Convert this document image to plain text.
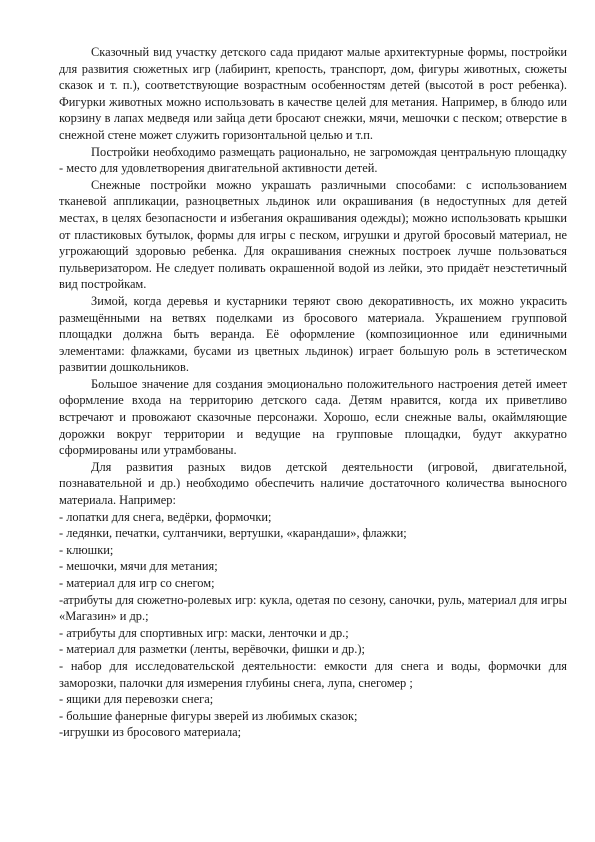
Сказочный вид участку детского сада придают малые архитектурные формы, постройки для развития сюжетных игр (лабиринт, крепость, транспорт, дом, фигуры животных, сюжеты сказок и т. п.), соответствующие возрастным особенностям детей (высотой в рост ребенка). Фигурки животных можно использовать в качестве целей для метания. Например, в блюдо или корзину в лапах медведя или зайца дети бросают снежки, мячи, мешочки с песком; отверстие в снежной стене может служить горизонтальной целью и т.п.

Постройки необходимо размещать рационально, не загромождая центральную площадку - место для удовлетворения двигательной активности детей.

Снежные постройки можно украшать различными способами: с использованием тканевой аппликации, разноцветных льдинок или окрашивания (в недоступных для детей местах, в целях безопасности и избегания окрашивания одежды); можно использовать крышки от пластиковых бутылок, формы для игры с песком, игрушки и другой бросовый материал, не угрожающий здоровью ребенка. Для окрашивания снежных построек лучше пользоваться пульверизатором. Не следует поливать окрашенной водой из лейки, это придаёт неэстетичный вид постройкам.

Зимой, когда деревья и кустарники теряют свою декоративность, их можно украсить размещёнными на ветвях поделками из бросового материала. Украшением групповой площадки должна быть веранда. Её оформление (композиционное или единичными элементами: флажками, бусами из цветных льдинок) играет большую роль в эстетическом развитии дошкольников.

Большое значение для создания эмоционально положительного настроения детей имеет оформление входа на территорию детского сада. Детям нравится, когда их приветливо встречают и провожают сказочные персонажи. Хорошо, если снежные валы, окаймляющие дорожки вокруг территории и ведущие на групповые площадки, будут аккуратно сформированы или утрамбованы.

Для развития разных видов детской деятельности (игровой, двигательной, познавательной и др.) необходимо обеспечить наличие достаточного количества выносного материала. Например:

- лопатки для снега, ведёрки, формочки;
- ледянки, печатки, султанчики, вертушки, «карандаши», флажки;
- клюшки;
- мешочки, мячи для метания;
- материал для игр со снегом;
-атрибуты для сюжетно-ролевых игр: кукла, одетая по сезону, саночки, руль, материал для игры «Магазин» и др.;
- атрибуты для спортивных игр: маски, ленточки и др.;
- материал для разметки (ленты, верёвочки, фишки и др.);
- набор для исследовательской деятельности: емкости для снега и воды, формочки для заморозки, палочки для измерения глубины снега, лупа, снегомер ;
- ящики для перевозки снега;
- большие фанерные фигуры зверей из любимых сказок;
-игрушки из бросового материала;
